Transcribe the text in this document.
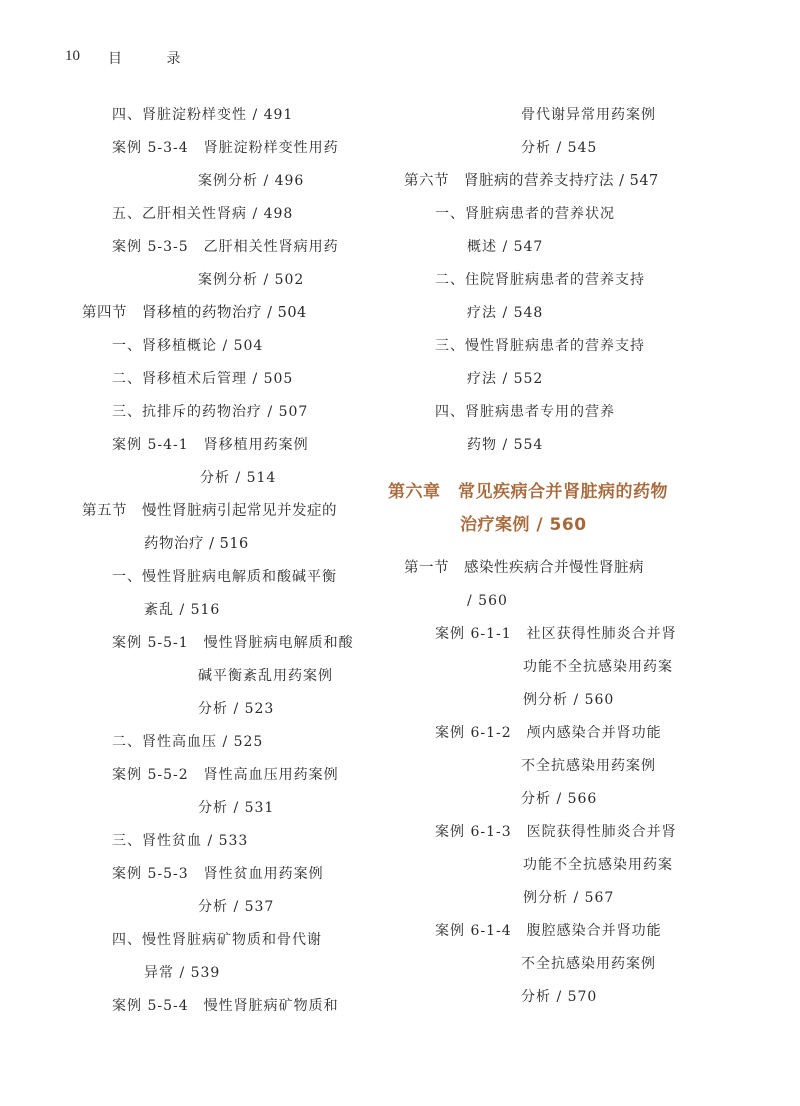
10 目 录
四、肾脏淀粉样变性 / 491
案例 5-3-4　肾脏淀粉样变性用药
案例分析 / 496
五、乙肝相关性肾病 / 498
案例 5-3-5　乙肝相关性肾病用药
案例分析 / 502
第四节　肾移植的药物治疗 / 504
一、肾移植概论 / 504
二、肾移植术后管理 / 505
三、抗排斥的药物治疗 / 507
案例 5-4-1　肾移植用药案例
分析 / 514
第五节　慢性肾脏病引起常见并发症的
药物治疗 / 516
一、慢性肾脏病电解质和酸碱平衡
紊乱 / 516
案例 5-5-1　慢性肾脏病电解质和酸
碱平衡紊乱用药案例
分析 / 523
二、肾性高血压 / 525
案例 5-5-2　肾性高血压用药案例
分析 / 531
三、肾性贫血 / 533
案例 5-5-3　肾性贫血用药案例
分析 / 537
四、慢性肾脏病矿物质和骨代谢
异常 / 539
案例 5-5-4　慢性肾脏病矿物质和
骨代谢异常用药案例
分析 / 545
第六节　肾脏病的营养支持疗法 / 547
一、肾脏病患者的营养状况
概述 / 547
二、住院肾脏病患者的营养支持
疗法 / 548
三、慢性肾脏病患者的营养支持
疗法 / 552
四、肾脏病患者专用的营养
药物 / 554
第六章　常见疾病合并肾脏病的药物
治疗案例 / 560
第一节　感染性疾病合并慢性肾脏病
/ 560
案例 6-1-1　社区获得性肺炎合并肾
功能不全抗感染用药案
例分析 / 560
案例 6-1-2　颅内感染合并肾功能
不全抗感染用药案例
分析 / 566
案例 6-1-3　医院获得性肺炎合并肾
功能不全抗感染用药案
例分析 / 567
案例 6-1-4　腹腔感染合并肾功能
不全抗感染用药案例
分析 / 570
